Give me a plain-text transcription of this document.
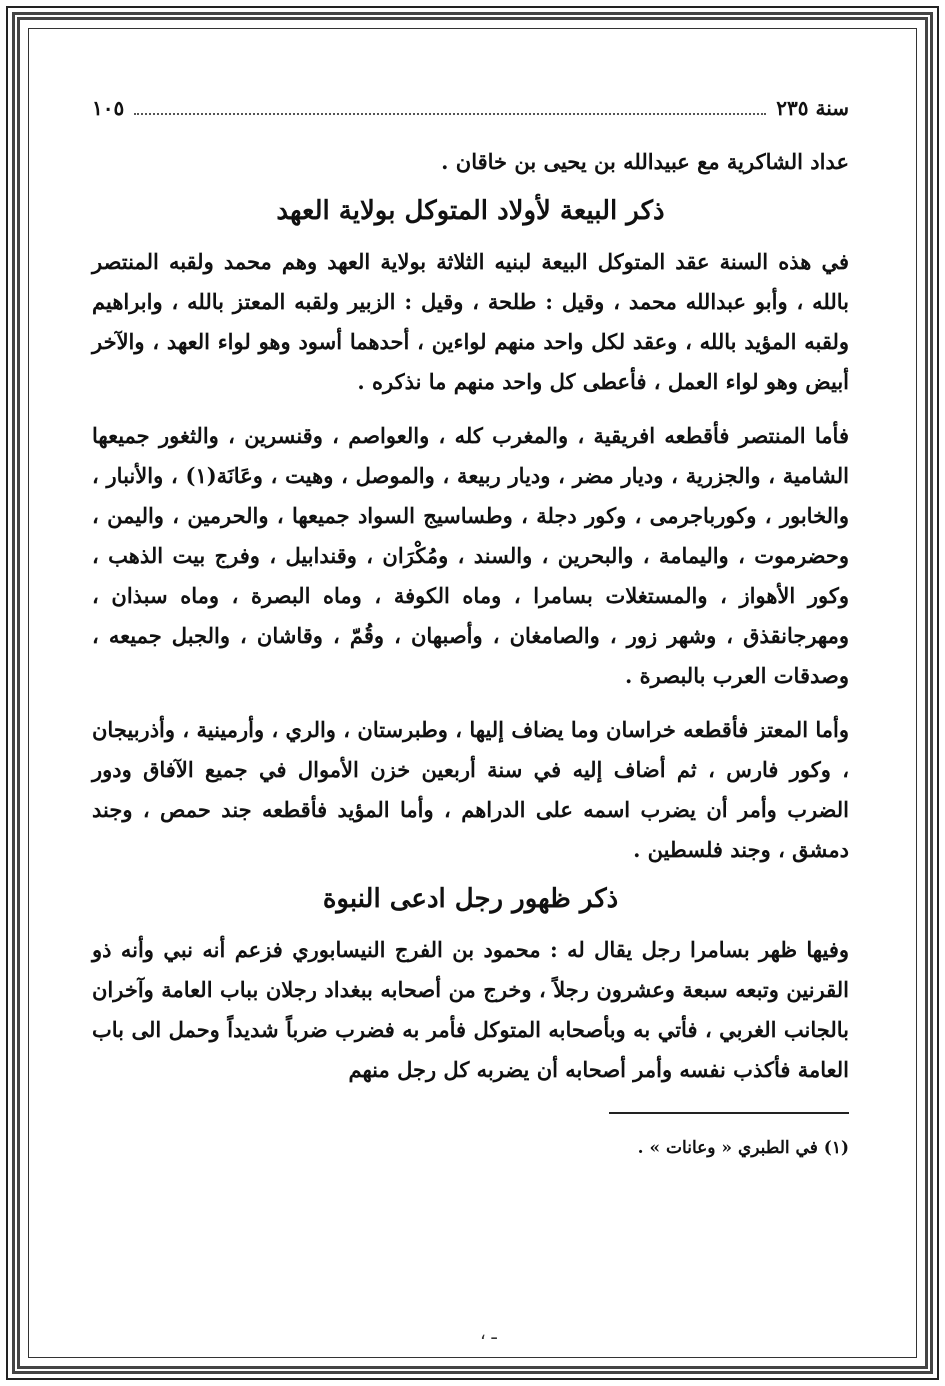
سنة ٢٣٥
١٠٥

عداد الشاكرية مع عبيدالله بن يحيى بن خاقان .

ذكر البيعة لأولاد المتوكل بولاية العهد

في هذه السنة عقد المتوكل البيعة لبنيه الثلاثة بولاية العهد وهم محمد ولقبه المنتصر بالله ، وأبو عبدالله محمد ، وقيل : طلحة ، وقيل : الزبير ولقبه المعتز بالله ، وابراهيم ولقبه المؤيد بالله ، وعقد لكل واحد منهم لواءين ، أحدهما أسود وهو لواء العهد ، والآخر أبيض وهو لواء العمل ، فأعطى كل واحد منهم ما نذكره .

فأما المنتصر فأقطعه افريقية ، والمغرب كله ، والعواصم ، وقنسرين ، والثغور جميعها الشامية ، والجزرية ، وديار مضر ، وديار ربيعة ، والموصل ، وهيت ، وعَانَة(١) ، والأنبار ، والخابور ، وكورباجرمى ، وكور دجلة ، وطساسيج السواد جميعها ، والحرمين ، واليمن ، وحضرموت ، واليمامة ، والبحرين ، والسند ، ومُكْرَان ، وقندابيل ، وفرج بيت الذهب ، وكور الأهواز ، والمستغلات بسامرا ، وماه الكوفة ، وماه البصرة ، وماه سبذان ، ومهرجانقذق ، وشهر زور ، والصامغان ، وأصبهان ، وقُمّ ، وقاشان ، والجبل جميعه ، وصدقات العرب بالبصرة .

وأما المعتز فأقطعه خراسان وما يضاف إليها ، وطبرستان ، والري ، وأرمينية ، وأذربيجان ، وكور فارس ، ثم أضاف إليه في سنة أربعين خزن الأموال في جميع الآفاق ودور الضرب وأمر أن يضرب اسمه على الدراهم ، وأما المؤيد فأقطعه جند حمص ، وجند دمشق ، وجند فلسطين .

ذكر ظهور رجل ادعى النبوة

وفيها ظهر بسامرا رجل يقال له : محمود بن الفرج النيسابوري فزعم أنه نبي وأنه ذو القرنين وتبعه سبعة وعشرون رجلاً ، وخرج من أصحابه ببغداد رجلان بباب العامة وآخران بالجانب الغربي ، فأتي به وبأصحابه المتوكل فأمر به فضرب ضرباً شديداً وحمل الى باب العامة فأكذب نفسه وأمر أصحابه أن يضربه كل رجل منهم

(١) في الطبري « وعانات » .

، ـ
